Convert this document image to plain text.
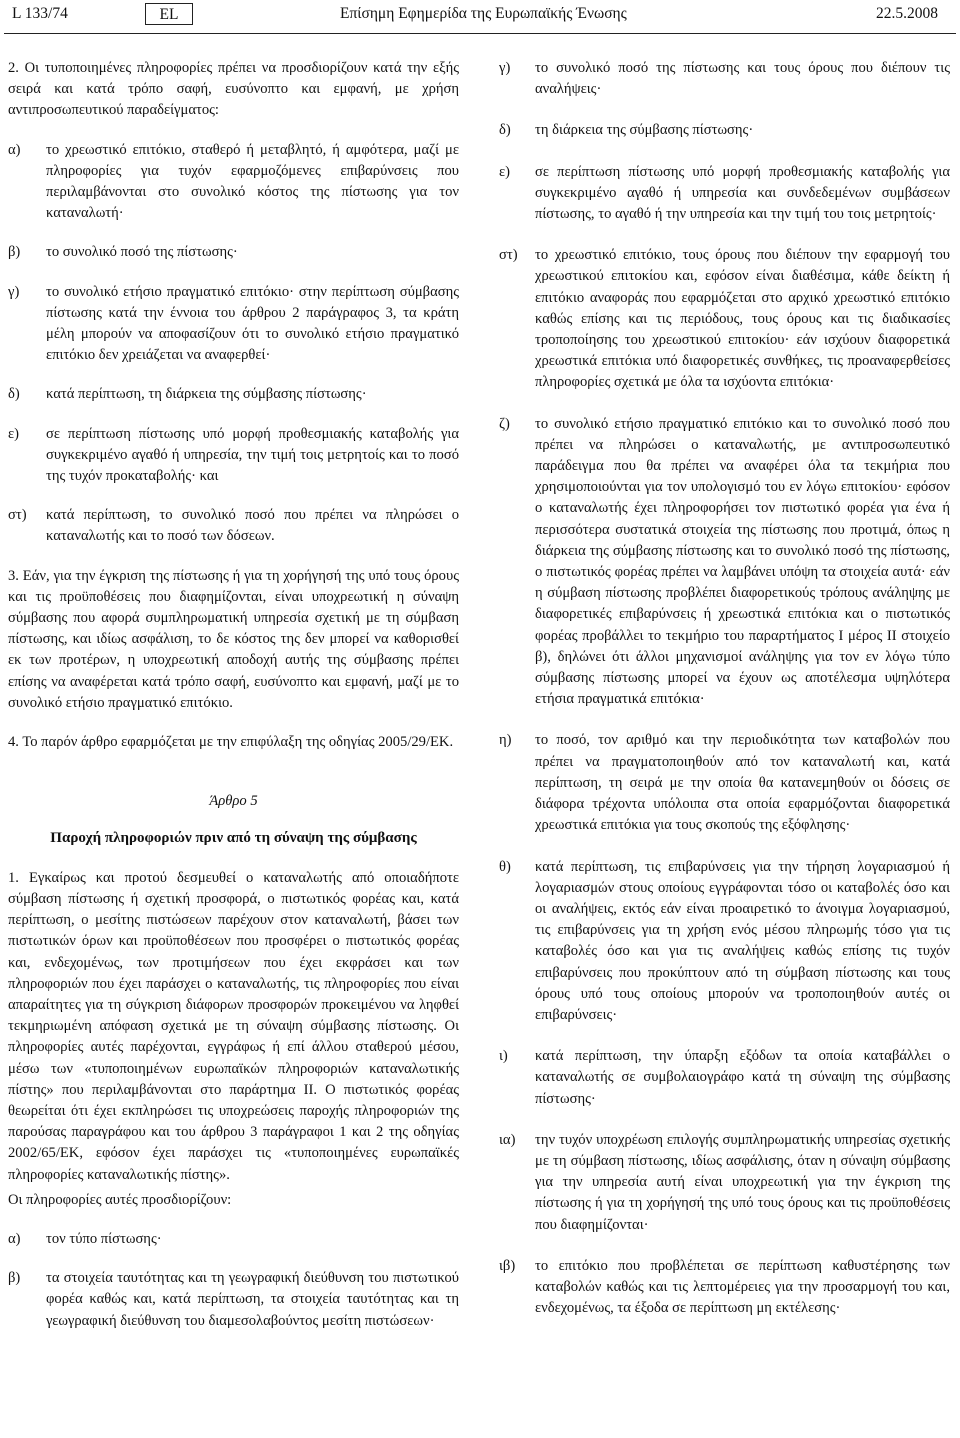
L 133/74	EL	Επίσημη Εφημερίδα της Ευρωπαϊκής Ένωσης	22.5.2008

2. Οι τυποποιημένες πληροφορίες πρέπει να προσδιορίζουν κατά την εξής σειρά και κατά τρόπο σαφή, ευσύνοπτο και εμφανή, με χρήση αντιπροσωπευτικού παραδείγματος:

α)	το χρεωστικό επιτόκιο, σταθερό ή μεταβλητό, ή αμφότερα, μαζί με πληροφορίες για τυχόν εφαρμοζόμενες επιβαρύνσεις που περιλαμβάνονται στο συνολικό κόστος της πίστωσης για τον καταναλωτή·
β)	το συνολικό ποσό της πίστωσης·
γ)	το συνολικό ετήσιο πραγματικό επιτόκιο· στην περίπτωση σύμβασης πίστωσης κατά την έννοια του άρθρου 2 παράγραφος 3, τα κράτη μέλη μπορούν να αποφασίζουν ότι το συνολικό ετήσιο πραγματικό επιτόκιο δεν χρειάζεται να αναφερθεί·
δ)	κατά περίπτωση, τη διάρκεια της σύμβασης πίστωσης·
ε)	σε περίπτωση πίστωσης υπό μορφή προθεσμιακής καταβολής για συγκεκριμένο αγαθό ή υπηρεσία, την τιμή τοις μετρητοίς και το ποσό της τυχόν προκαταβολής· και
στ)	κατά περίπτωση, το συνολικό ποσό που πρέπει να πληρώσει ο καταναλωτής και το ποσό των δόσεων.

3. Εάν, για την έγκριση της πίστωσης ή για τη χορήγησή της υπό τους όρους και τις προϋποθέσεις που διαφημίζονται, είναι υποχρεωτική η σύναψη σύμβασης που αφορά συμπληρωματική υπηρεσία σχετική με τη σύμβαση πίστωσης, και ιδίως ασφάλιση, το δε κόστος της δεν μπορεί να καθορισθεί εκ των προτέρων, η υποχρεωτική αποδοχή αυτής της σύμβασης πρέπει επίσης να αναφέρεται κατά τρόπο σαφή, ευσύνοπτο και εμφανή, μαζί με το συνολικό ετήσιο πραγματικό επιτόκιο.

4. Το παρόν άρθρο εφαρμόζεται με την επιφύλαξη της οδηγίας 2005/29/ΕΚ.

Άρθρο 5
Παροχή πληροφοριών πριν από τη σύναψη της σύμβασης

1. Εγκαίρως και προτού δεσμευθεί ο καταναλωτής από οποιαδήποτε σύμβαση πίστωσης ή σχετική προσφορά, ο πιστωτικός φορέας και, κατά περίπτωση, ο μεσίτης πιστώσεων παρέχουν στον καταναλωτή, βάσει των πιστωτικών όρων και προϋποθέσεων που προσφέρει ο πιστωτικός φορέας και, ενδεχομένως, των προτιμήσεων που έχει εκφράσει και των πληροφοριών που έχει παράσχει ο καταναλωτής, τις πληροφορίες που είναι απαραίτητες για τη σύγκριση διάφορων προσφορών προκειμένου να ληφθεί τεκμηριωμένη απόφαση σχετικά με τη σύναψη σύμβασης πίστωσης. Οι πληροφορίες αυτές παρέχονται, εγγράφως ή επί άλλου σταθερού μέσου, μέσω των «τυποποιημένων ευρωπαϊκών πληροφοριών καταναλωτικής πίστης» που περιλαμβάνονται στο παράρτημα II. Ο πιστωτικός φορέας θεωρείται ότι έχει εκπληρώσει τις υποχρεώσεις παροχής πληροφοριών της παρούσας παραγράφου και του άρθρου 3 παράγραφοι 1 και 2 της οδηγίας 2002/65/ΕΚ, εφόσον έχει παράσχει τις «τυποποιημένες ευρωπαϊκές πληροφορίες καταναλωτικής πίστης».

Οι πληροφορίες αυτές προσδιορίζουν:

α)	τον τύπο πίστωσης·
β)	τα στοιχεία ταυτότητας και τη γεωγραφική διεύθυνση του πιστωτικού φορέα καθώς και, κατά περίπτωση, τα στοιχεία ταυτότητας και τη γεωγραφική διεύθυνση του διαμεσολαβούντος μεσίτη πιστώσεων·
γ)	το συνολικό ποσό της πίστωσης και τους όρους που διέπουν τις αναλήψεις·
δ)	τη διάρκεια της σύμβασης πίστωσης·
ε)	σε περίπτωση πίστωσης υπό μορφή προθεσμιακής καταβολής για συγκεκριμένο αγαθό ή υπηρεσία και συνδεδεμένων συμβάσεων πίστωσης, το αγαθό ή την υπηρεσία και την τιμή του τοις μετρητοίς·
στ)	το χρεωστικό επιτόκιο, τους όρους που διέπουν την εφαρμογή του χρεωστικού επιτοκίου και, εφόσον είναι διαθέσιμα, κάθε δείκτη ή επιτόκιο αναφοράς που εφαρμόζεται στο αρχικό χρεωστικό επιτόκιο καθώς επίσης και τις περιόδους, τους όρους και τις διαδικασίες τροποποίησης του χρεωστικού επιτοκίου· εάν ισχύουν διαφορετικά χρεωστικά επιτόκια υπό διαφορετικές συνθήκες, τις προαναφερθείσες πληροφορίες σχετικά με όλα τα ισχύοντα επιτόκια·
ζ)	το συνολικό ετήσιο πραγματικό επιτόκιο και το συνολικό ποσό που πρέπει να πληρώσει ο καταναλωτής, με αντιπροσωπευτικό παράδειγμα που θα πρέπει να αναφέρει όλα τα τεκμήρια που χρησιμοποιούνται για τον υπολογισμό του εν λόγω επιτοκίου· εφόσον ο καταναλωτής έχει πληροφορήσει τον πιστωτικό φορέα για ένα ή περισσότερα συστατικά στοιχεία της πίστωσης που προτιμά, όπως η διάρκεια της σύμβασης πίστωσης και το συνολικό ποσό της πίστωσης, ο πιστωτικός φορέας πρέπει να λαμβάνει υπόψη τα στοιχεία αυτά· εάν η σύμβαση πίστωσης προβλέπει διαφορετικούς τρόπους ανάληψης με διαφορετικές επιβαρύνσεις ή χρεωστικά επιτόκια και ο πιστωτικός φορέας προβάλλει το τεκμήριο του παραρτήματος I μέρος II στοιχείο β), δηλώνει ότι άλλοι μηχανισμοί ανάληψης για τον εν λόγω τύπο σύμβασης πίστωσης μπορεί να έχουν ως αποτέλεσμα υψηλότερα ετήσια πραγματικά επιτόκια·
η)	το ποσό, τον αριθμό και την περιοδικότητα των καταβολών που πρέπει να πραγματοποιηθούν από τον καταναλωτή και, κατά περίπτωση, τη σειρά με την οποία θα κατανεμηθούν οι δόσεις σε διάφορα τρέχοντα υπόλοιπα στα οποία εφαρμόζονται διαφορετικά χρεωστικά επιτόκια για τους σκοπούς της εξόφλησης·
θ)	κατά περίπτωση, τις επιβαρύνσεις για την τήρηση λογαριασμού ή λογαριασμών στους οποίους εγγράφονται τόσο οι καταβολές όσο και οι αναλήψεις, εκτός εάν είναι προαιρετικό το άνοιγμα λογαριασμού, τις επιβαρύνσεις για τη χρήση ενός μέσου πληρωμής τόσο για τις καταβολές όσο και για τις αναλήψεις καθώς επίσης τις τυχόν επιβαρύνσεις που προκύπτουν από τη σύμβαση πίστωσης και τους όρους υπό τους οποίους μπορούν να τροποποιηθούν αυτές οι επιβαρύνσεις·
ι)	κατά περίπτωση, την ύπαρξη εξόδων τα οποία καταβάλλει ο καταναλωτής σε συμβολαιογράφο κατά τη σύναψη της σύμβασης πίστωσης·
ια)	την τυχόν υποχρέωση επιλογής συμπληρωματικής υπηρεσίας σχετικής με τη σύμβαση πίστωσης, ιδίως ασφάλισης, όταν η σύναψη σύμβασης για την υπηρεσία αυτή είναι υποχρεωτική για την έγκριση της πίστωσης ή για τη χορήγησή της υπό τους όρους και τις προϋποθέσεις που διαφημίζονται·
ιβ)	το επιτόκιο που προβλέπεται σε περίπτωση καθυστέρησης των καταβολών καθώς και τις λεπτομέρειες για την προσαρμογή του και, ενδεχομένως, τα έξοδα σε περίπτωση μη εκτέλεσης·
